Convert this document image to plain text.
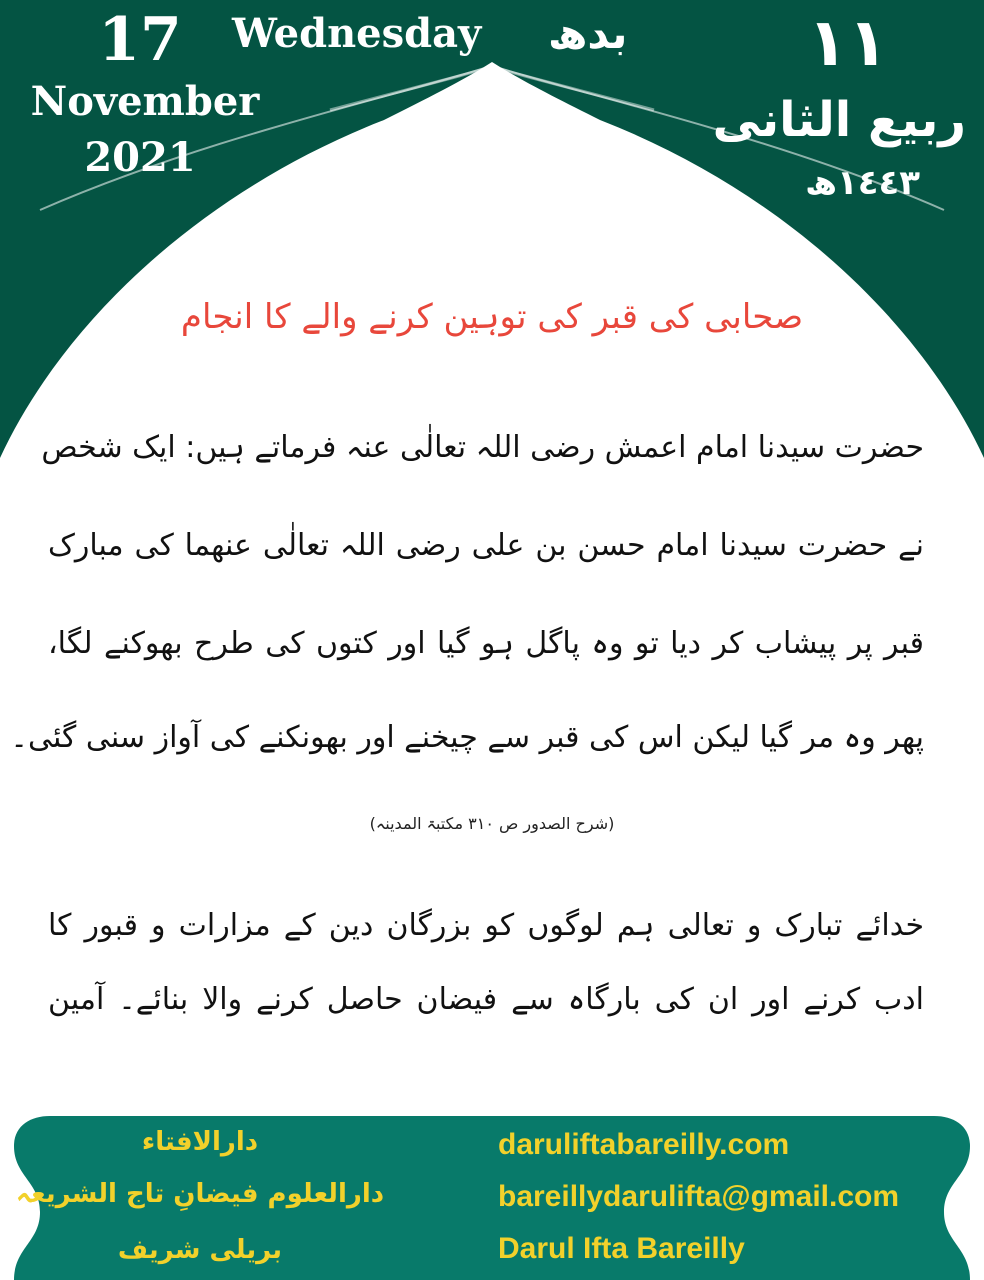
17

November

2021

Wednesday بدھ	١١

ربیع الثانی

١٤٤٣ھ

صحابی کی قبر کی توہین کرنے والے کا انجام

حضرت سیدنا امام اعمش رضی اللہ تعالٰی عنہ فرماتے ہیں: ایک شخص

نے حضرت سیدنا امام حسن بن علی رضی اللہ تعالٰی عنھما کی مبارک

قبر پر پیشاب کر دیا تو وہ پاگل ہو گیا اور کتوں کی طرح بھوکنے لگا،

پھر وہ مر گیا لیکن اس کی قبر سے چیخنے اور بھونکنے کی آواز سنی گئی۔

(شرح الصدور ص ٣١٠ مکتبۃ المدینہ)

خدائے تبارک و تعالی ہم لوگوں کو بزرگان دین کے مزارات و قبور کا

ادب کرنے اور ان کی بارگاہ سے فیضان حاصل کرنے والا بنائے۔ آمین

دارالافتاء

دارالعلوم فیضانِ تاج الشریعہ

بریلی شریف

daruliftabareilly.com
bareillydarulifta@gmail.com

Darul Ifta Bareilly
